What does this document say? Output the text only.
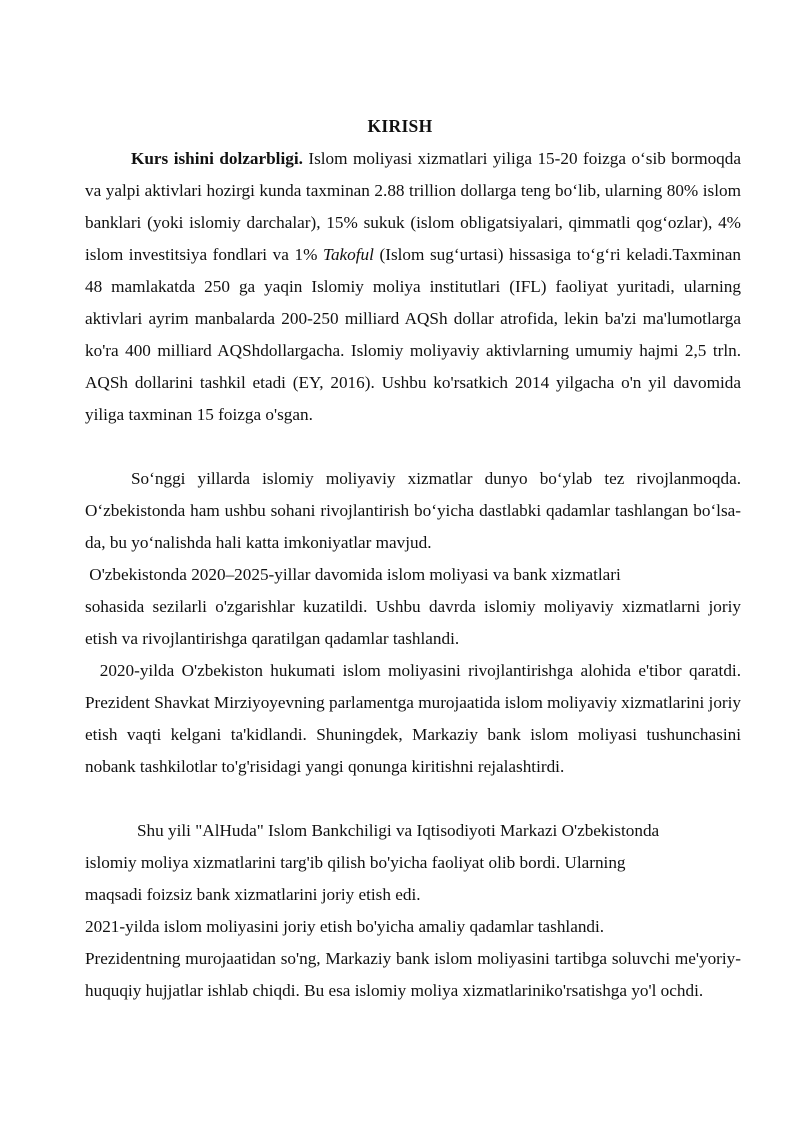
KIRISH

Kurs ishini dolzarbligi. Islom moliyasi xizmatlari yiliga 15-20 foizga o‘sib bormoqda va yalpi aktivlari hozirgi kunda taxminan 2.88 trillion dollarga teng bo‘lib, ularning 80% islom banklari (yoki islomiy darchalar), 15% sukuk (islom obligatsiyalari, qimmatli qog‘ozlar), 4% islom investitsiya fondlari va 1% Takoful (Islom sug‘urtasi) hissasiga to‘g‘ri keladi.Taxminan 48 mamlakatda 250 ga yaqin Islomiy moliya institutlari (IFL) faoliyat yuritadi, ularning aktivlari ayrim manbalarda 200-250 milliard AQSh dollar atrofida, lekin ba'zi ma'lumotlarga ko'ra 400 milliard AQShdollargacha. Islomiy moliyaviy aktivlarning umumiy hajmi 2,5 trln. AQSh dollarini tashkil etadi (EY, 2016). Ushbu ko'rsatkich 2014 yilgacha o'n yil davomida yiliga taxminan 15 foizga o'sgan.

So‘nggi yillarda islomiy moliyaviy xizmatlar dunyo bo‘ylab tez rivojlanmoqda. O‘zbekistonda ham ushbu sohani rivojlantirish bo‘yicha dastlabki qadamlar tashlangan bo‘lsa-da, bu yo‘nalishda hali katta imkoniyatlar mavjud.

O'zbekistonda 2020–2025-yillar davomida islom moliyasi va bank xizmatlari

sohasida sezilarli o'zgarishlar kuzatildi. Ushbu davrda islomiy moliyaviy xizmatlarni joriy etish va rivojlantirishga qaratilgan qadamlar tashlandi.

2020-yilda O'zbekiston hukumati islom moliyasini rivojlantirishga alohida e'tibor qaratdi. Prezident Shavkat Mirziyoyevning parlamentga murojaatida islom moliyaviy xizmatlarini joriy etish vaqti kelgani ta'kidlandi. Shuningdek, Markaziy bank islom moliyasi tushunchasini nobank tashkilotlar to'g'risidagi yangi qonunga kiritishni rejalashtirdi.

Shu yili "AlHuda" Islom Bankchiligi va Iqtisodiyoti Markazi O'zbekistonda

islomiy moliya xizmatlarini targ'ib qilish bo'yicha faoliyat olib bordi. Ularning

maqsadi foizsiz bank xizmatlarini joriy etish edi.

2021-yilda islom moliyasini joriy etish bo'yicha amaliy qadamlar tashlandi.

Prezidentning murojaatidan so'ng, Markaziy bank islom moliyasini tartibga soluvchi me'yoriy-huquqiy hujjatlar ishlab chiqdi. Bu esa islomiy moliya xizmatlariniko'rsatishga yo'l ochdi.
